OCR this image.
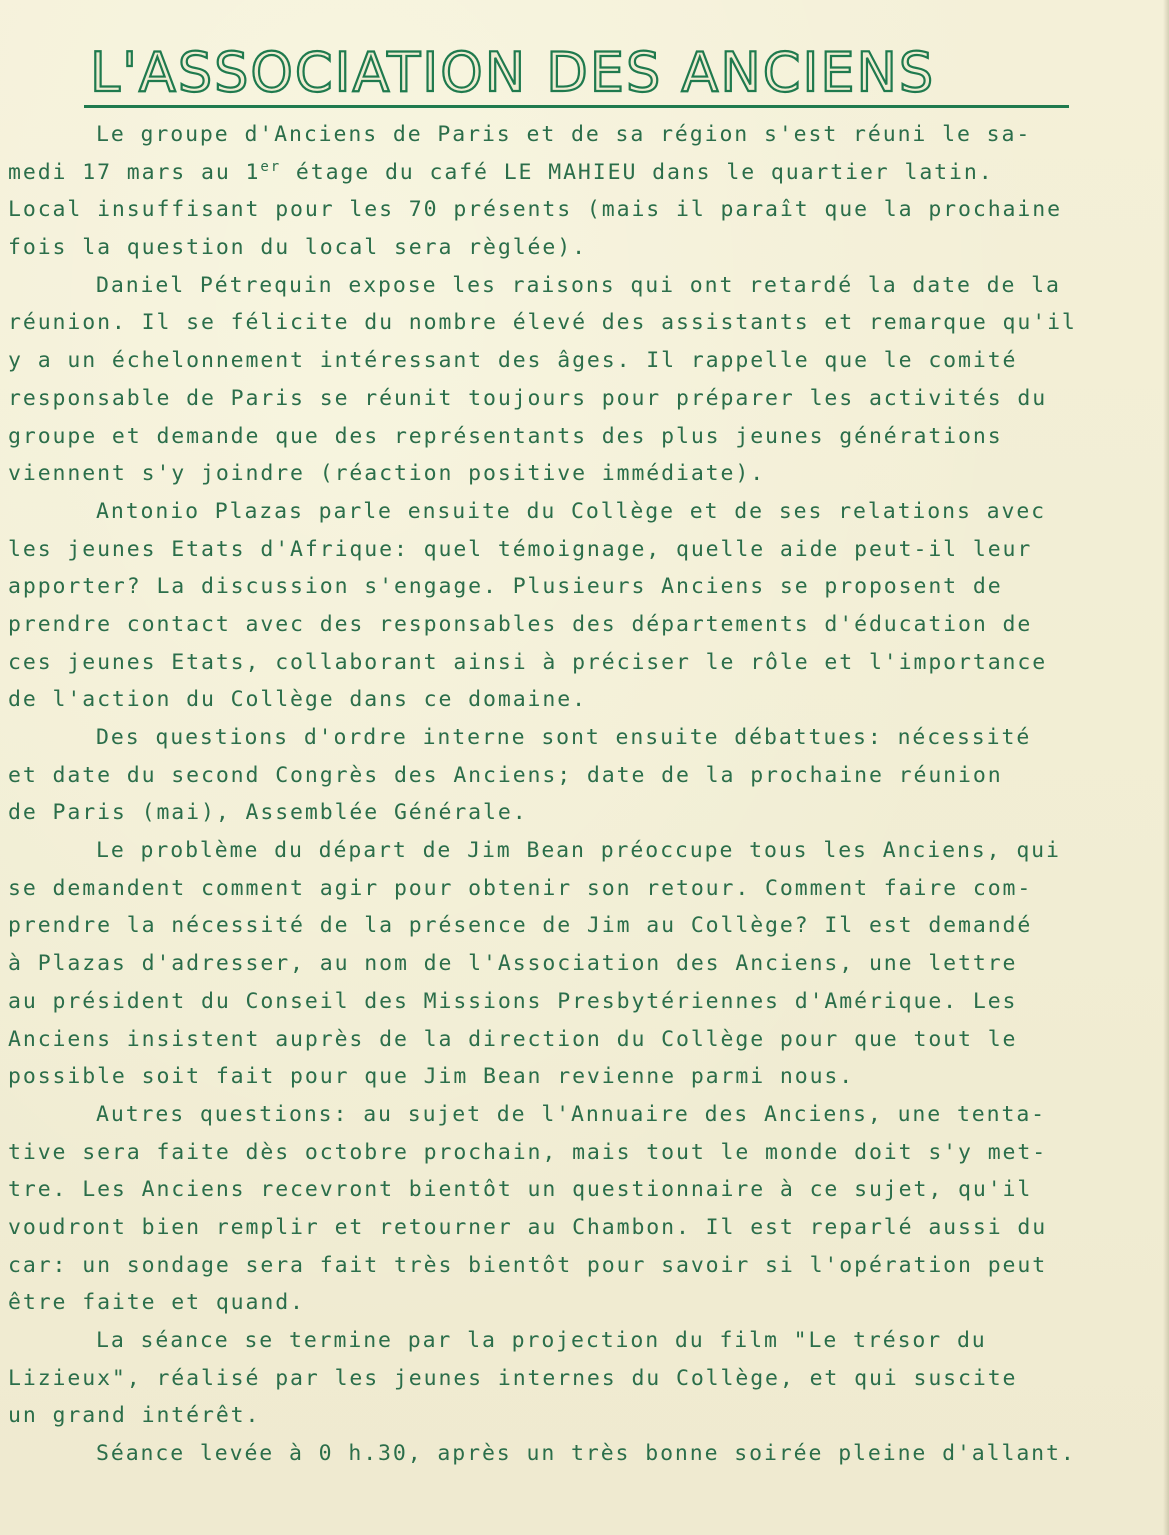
L'ASSOCIATION DES ANCIENS
Le groupe d'Anciens de Paris et de sa région s'est réuni le sa-
medi 17 mars au 1er étage du café LE MAHIEU dans le quartier latin.
Local insuffisant pour les 70 présents (mais il paraît que la prochaine
fois la question du local sera règlée).
Daniel Pétrequin expose les raisons qui ont retardé la date de la
réunion. Il se félicite du nombre élevé des assistants et remarque qu'il
y a un échelonnement intéressant des âges. Il rappelle que le comité
responsable de Paris se réunit toujours pour préparer les activités du
groupe et demande que des représentants des plus jeunes générations
viennent s'y joindre (réaction positive immédiate).
Antonio Plazas parle ensuite du Collège et de ses relations avec
les jeunes Etats d'Afrique: quel témoignage, quelle aide peut-il leur
apporter? La discussion s'engage. Plusieurs Anciens se proposent de
prendre contact avec des responsables des départements d'éducation de
ces jeunes Etats, collaborant ainsi à préciser le rôle et l'importance
de l'action du Collège dans ce domaine.
Des questions d'ordre interne sont ensuite débattues: nécessité
et date du second Congrès des Anciens; date de la prochaine réunion
de Paris (mai), Assemblée Générale.
Le problème du départ de Jim Bean préoccupe tous les Anciens, qui
se demandent comment agir pour obtenir son retour. Comment faire com-
prendre la nécessité de la présence de Jim au Collège? Il est demandé
à Plazas d'adresser, au nom de l'Association des Anciens, une lettre
au président du Conseil des Missions Presbytériennes d'Amérique. Les
Anciens insistent auprès de la direction du Collège pour que tout le
possible soit fait pour que Jim Bean revienne parmi nous.
Autres questions: au sujet de l'Annuaire des Anciens, une tenta-
tive sera faite dès octobre prochain, mais tout le monde doit s'y met-
tre. Les Anciens recevront bientôt un questionnaire à ce sujet, qu'il
voudront bien remplir et retourner au Chambon. Il est reparlé aussi du
car: un sondage sera fait très bientôt pour savoir si l'opération peut
être faite et quand.
La séance se termine par la projection du film "Le trésor du
Lizieux", réalisé par les jeunes internes du Collège, et qui suscite
un grand intérêt.
Séance levée à 0 h.30, après un très bonne soirée pleine d'allant.
